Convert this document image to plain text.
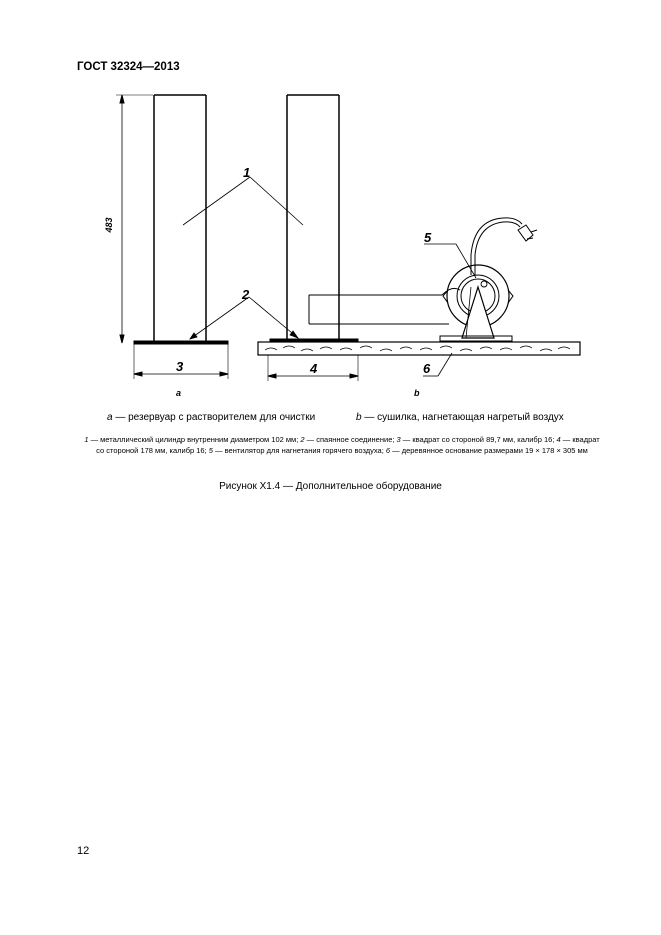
ГОСТ 32324—2013
483
1
2
3	4
5
6
a	b
a — резервуар с растворителем для очистки	b — сушилка, нагнетающая нагретый воздух
1 — металлический цилиндр внутренним диаметром 102 мм; 2 — спаянное соединение; 3 — квадрат со стороной 89,7 мм, калибр 16; 4 — квадрат со стороной 178 мм, калибр 16; 5 — вентилятор для нагнетания горячего воздуха; 6 — деревянное основание размерами 19 × 178 × 305 мм
Рисунок X1.4 — Дополнительное оборудование
12
